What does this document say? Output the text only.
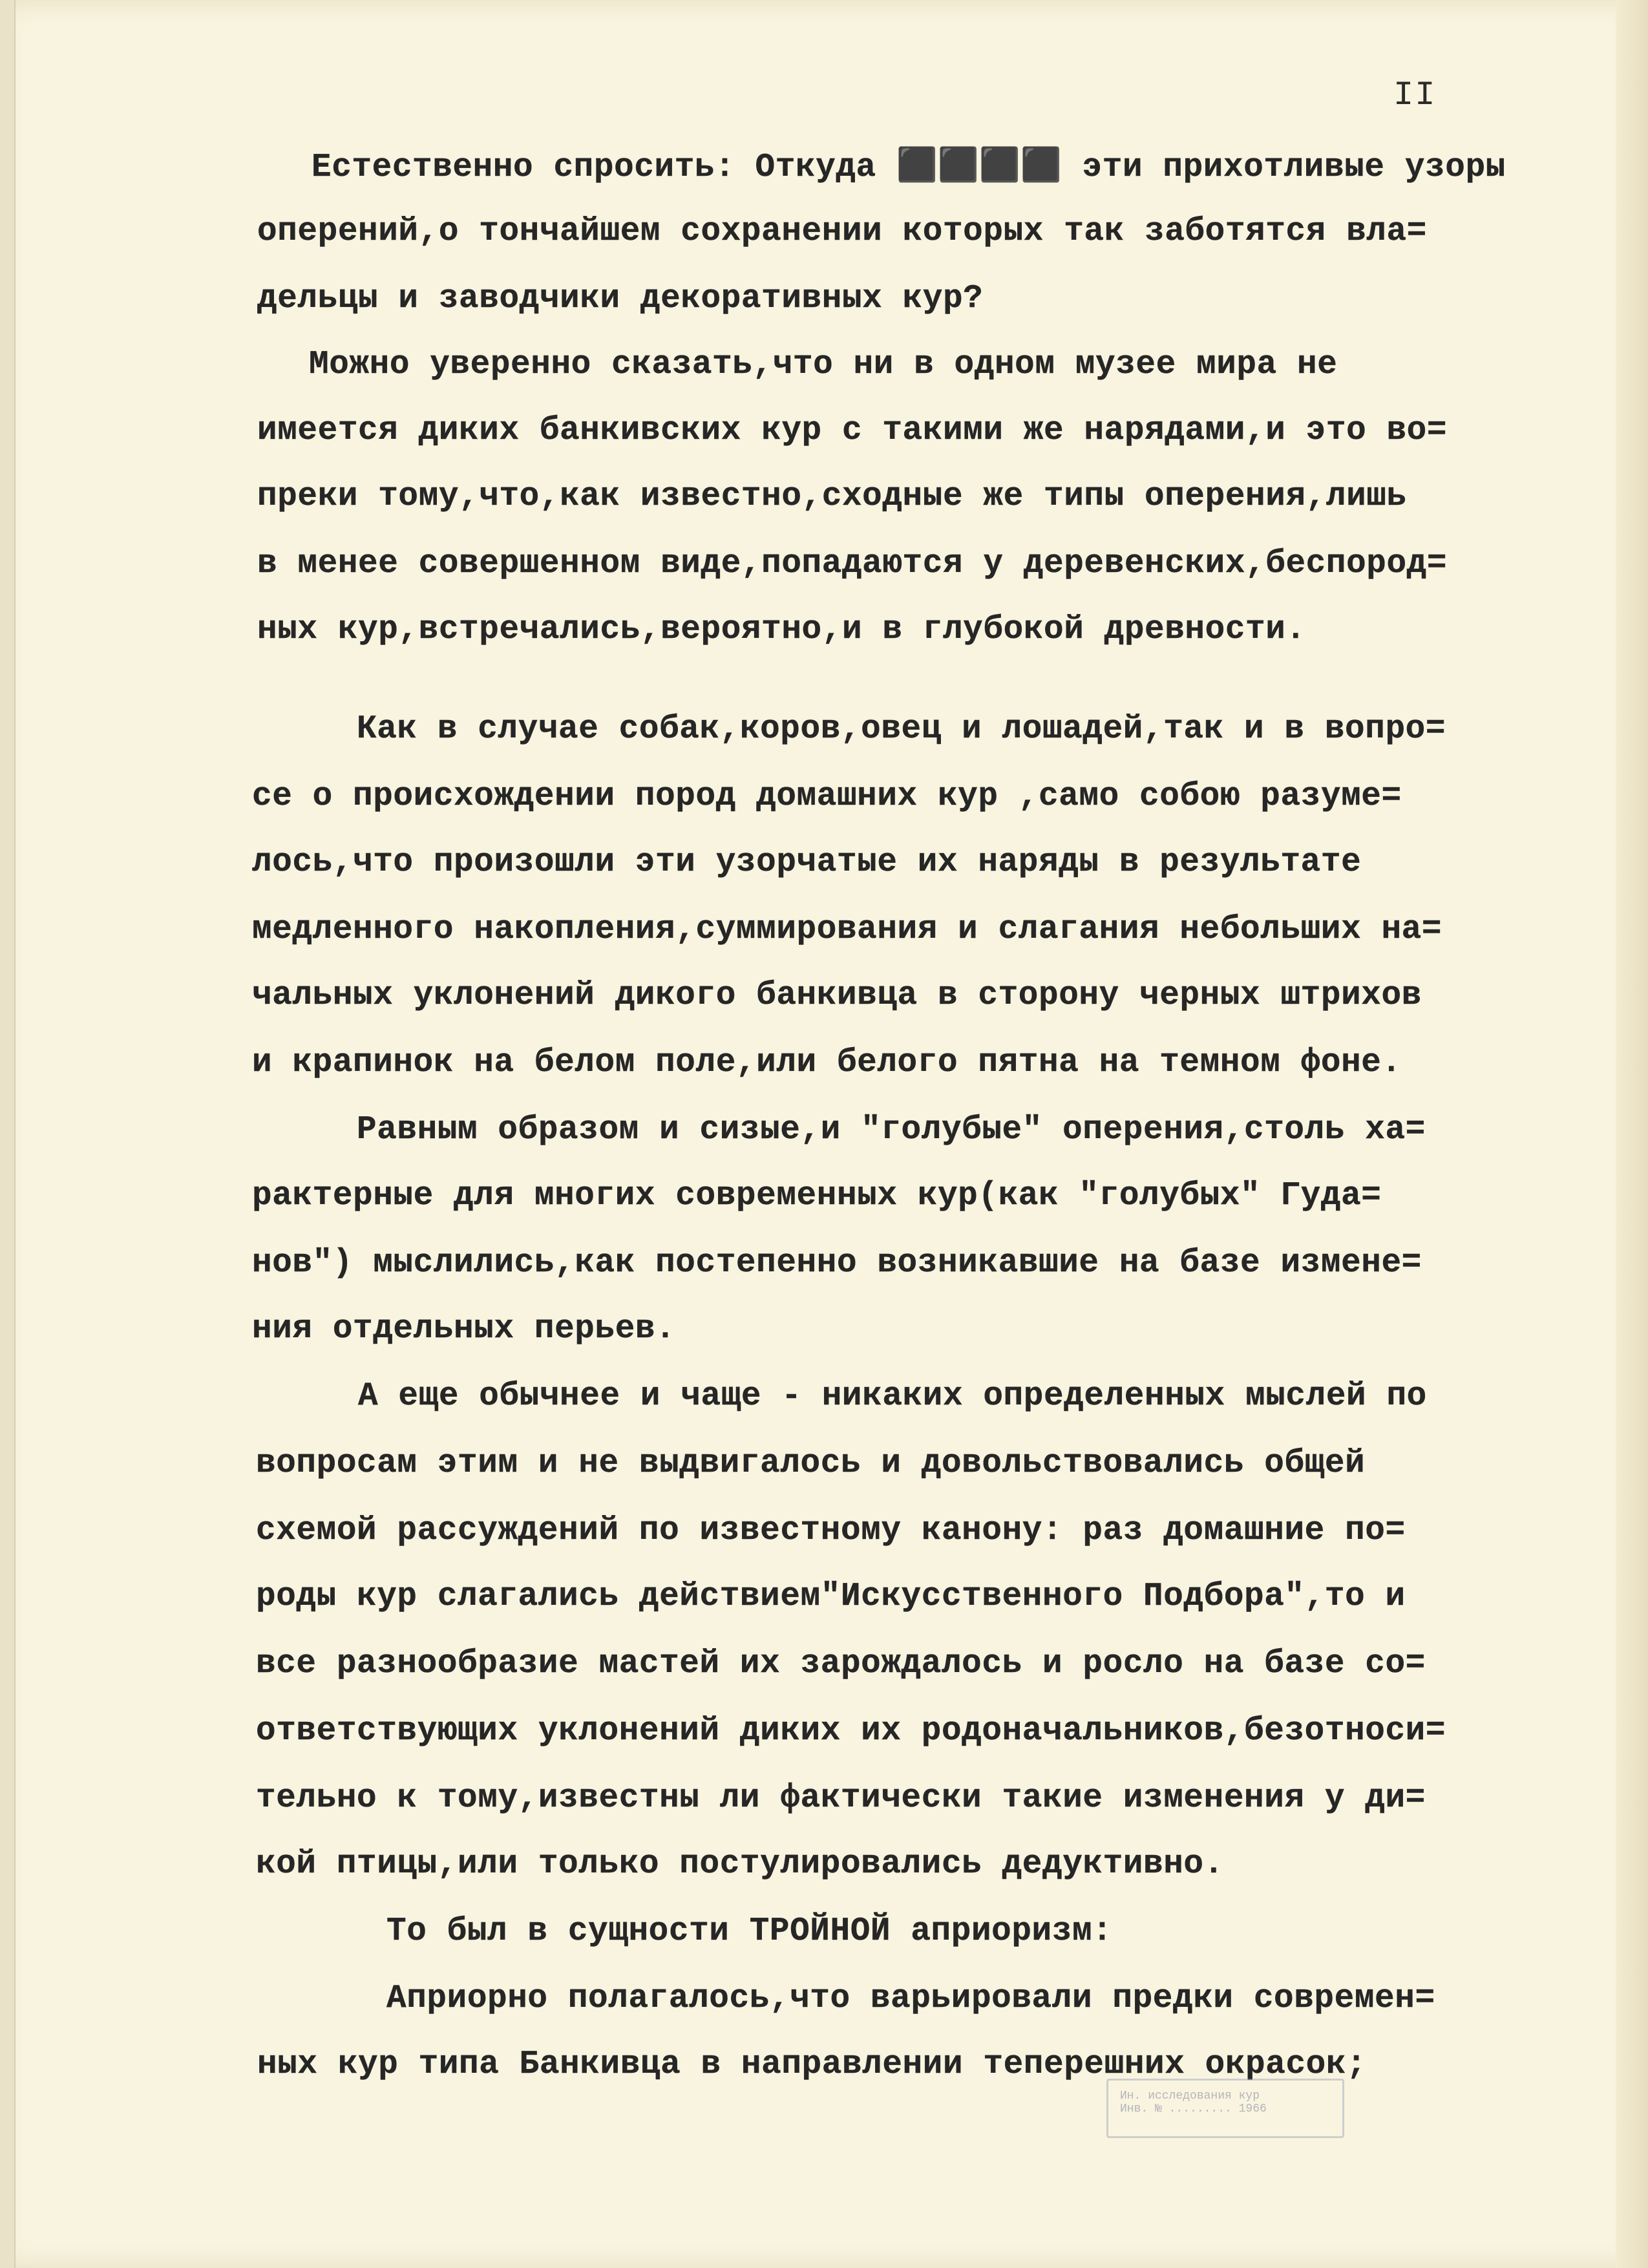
II
Естественно спросить: Откуда ⬛⬛⬛⬛ эти прихотливые узоры
оперений,о тончайшем сохранении которых так заботятся вла=
дельцы и заводчики декоративных кур?
Можно уверенно сказать,что ни в одном музее мира не
имеется диких банкивских кур с такими же нарядами,и это во=
преки тому,что,как известно,сходные же типы оперения,лишь
в менее совершенном виде,попадаются у деревенских,беспород=
ных кур,встречались,вероятно,и в глубокой древности.
Как в случае собак,коров,овец и лошадей,так и в вопро=
се о происхождении пород домашних кур ,само собою разуме=
лось,что произошли эти узорчатые их наряды в результате
медленного накопления,суммирования и слагания небольших на=
чальных уклонений дикого банкивца в сторону черных штрихов
и крапинок на белом поле,или белого пятна на темном фоне.
Равным образом и сизые,и "голубые" оперения,столь ха=
рактерные для многих современных кур(как "голубых" Гуда=
нов") мыслились,как постепенно возникавшие на базе измене=
ния отдельных перьев.
А еще обычнее и чаще - никаких определенных мыслей по
вопросам этим и не выдвигалось и довольствовались общей
схемой рассуждений по известному канону: раз домашние по=
роды кур слагались действием"Искусственного Подбора",то и
все разнообразие мастей их зарождалось и росло на базе со=
ответствующих уклонений диких их родоначальников,безотноси=
тельно к тому,известны ли фактически такие изменения у ди=
кой птицы,или только постулировались дедуктивно.
То был в сущности ТРОЙНОЙ априоризм:
Априорно полагалось,что варьировали предки современ=
ных кур типа Банкивца в направлении теперешних окрасок;
Ин. исследования кур
Инв. № ......... 1966
